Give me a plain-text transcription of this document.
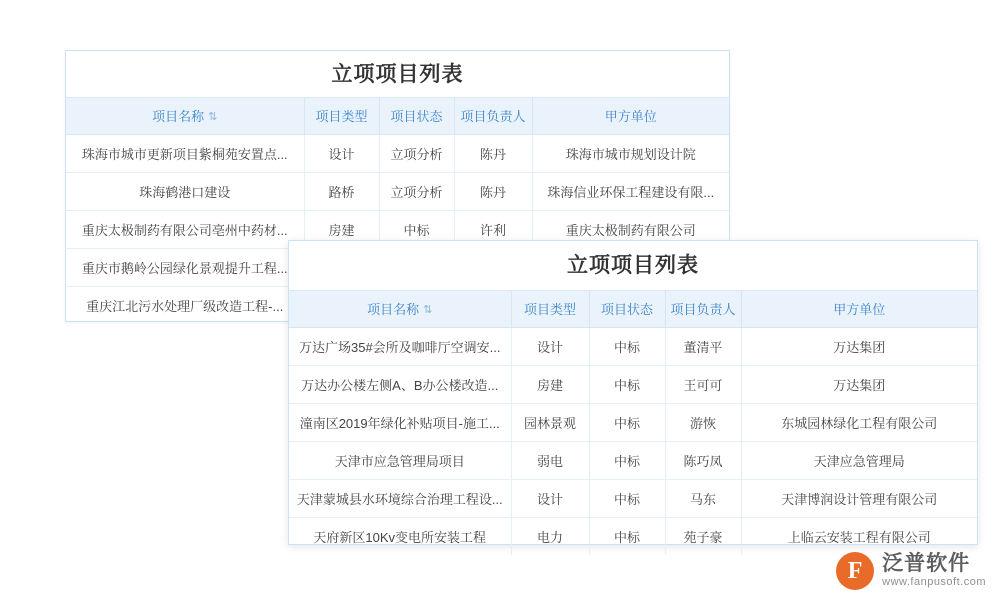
立项项目列表
项目名称 ⇅	项目类型	项目状态	项目负责人	甲方单位
珠海市城市更新项目紫桐苑安置点...	设计	立项分析	陈丹	珠海市城市规划设计院
珠海鹤港口建设	路桥	立项分析	陈丹	珠海信业环保工程建设有限...
重庆太极制药有限公司亳州中药材...	房建	中标	许利	重庆太极制药有限公司
重庆市鹅岭公园绿化景观提升工程...				
重庆江北污水处理厂级改造工程-...				
立项项目列表
项目名称 ⇅	项目类型	项目状态	项目负责人	甲方单位
万达广场35#会所及咖啡厅空调安...	设计	中标	董清平	万达集团
万达办公楼左侧A、B办公楼改造...	房建	中标	王可可	万达集团
潼南区2019年绿化补贴项目-施工...	园林景观	中标	游恢	东城园林绿化工程有限公司
天津市应急管理局项目	弱电	中标	陈巧凤	天津应急管理局
天津蒙城县水环境综合治理工程设...	设计	中标	马东	天津博润设计管理有限公司
天府新区10Kv变电所安装工程	电力	中标	苑子豪	上临云安装工程有限公司
F 泛普软件
www.fanpusoft.com
